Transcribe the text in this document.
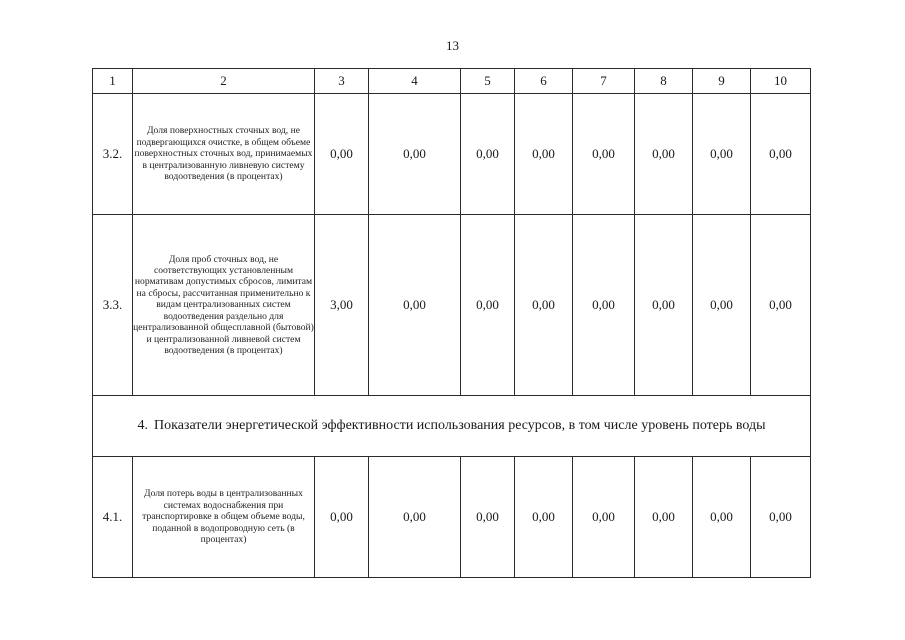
13
1	2	3	4	5	6	7	8	9	10
3.2.	Доля поверхностных сточных вод, не подвергающихся очистке, в общем объеме поверхностных сточных вод, принимаемых в централизованную ливневую систему водоотведения (в процентах)	0,00	0,00	0,00	0,00	0,00	0,00	0,00	0,00
3.3.	Доля проб сточных вод, не соответствующих установленным нормативам допустимых сбросов, лимитам на сбросы, рассчитанная применительно к видам централизованных систем водоотведения раздельно для централизованной общесплавной (бытовой) и централизованной ливневой систем водоотведения (в процентах)	3,00	0,00	0,00	0,00	0,00	0,00	0,00	0,00
4. Показатели энергетической эффективности использования ресурсов, в том числе уровень потерь воды									
4.1.	Доля потерь воды в централизованных системах водоснабжения при транспортировке в общем объеме воды, поданной в водопроводную сеть (в процентах)	0,00	0,00	0,00	0,00	0,00	0,00	0,00	0,00
